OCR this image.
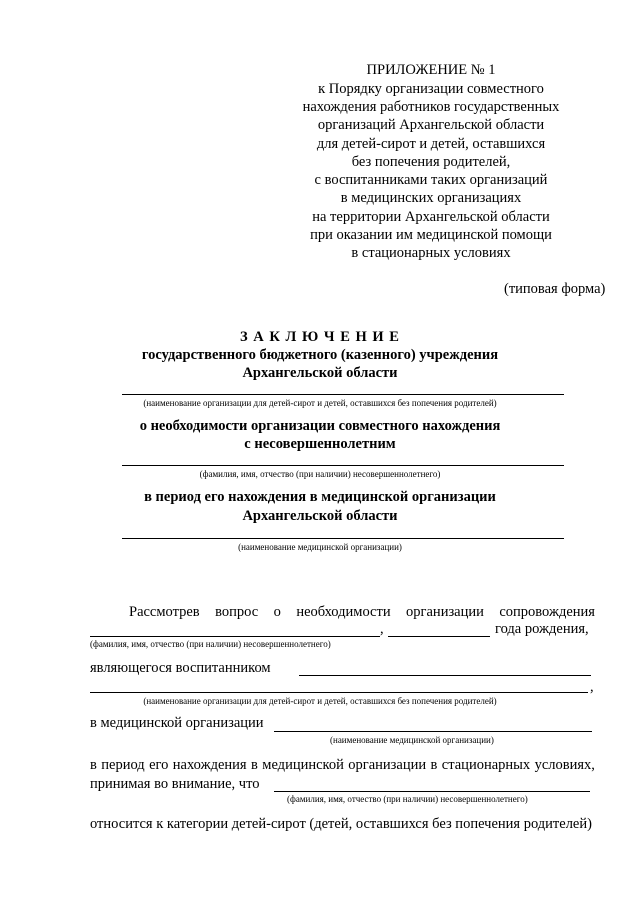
ПРИЛОЖЕНИЕ № 1
к Порядку организации совместного
нахождения работников государственных
организаций Архангельской области
для детей-сирот и детей, оставшихся
без попечения родителей,
с воспитанниками таких организаций
в медицинских организациях
на территории Архангельской области
при оказании им медицинской помощи
в стационарных условиях
(типовая форма)
З А К Л Ю Ч Е Н И Е
государственного бюджетного (казенного) учреждения
Архангельской области
(наименование организации для детей-сирот и детей, оставшихся без попечения родителей)
о необходимости организации совместного нахождения
с несовершеннолетним
(фамилия, имя, отчество (при наличии) несовершеннолетнего)
в период его нахождения в медицинской организации
Архангельской области
(наименование медицинской организации)
Рассмотрев вопрос о необходимости организации сопровождения
,	года рождения,
(фамилия, имя, отчество (при наличии) несовершеннолетнего)
являющегося воспитанником
,
(наименование организации для детей-сирот и детей, оставшихся без попечения родителей)
в медицинской организации
(наименование медицинской организации)
в период его нахождения в медицинской организации в стационарных условиях,
принимая во внимание, что
(фамилия, имя, отчество (при наличии) несовершеннолетнего)
относится к категории детей-сирот (детей, оставшихся без попечения родителей)
